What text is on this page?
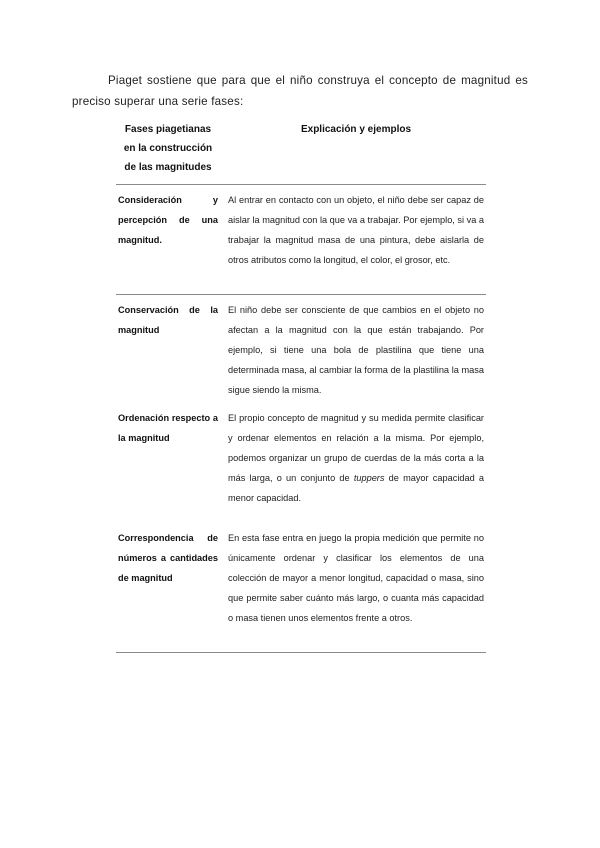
Piaget sostiene que para que el niño construya el concepto de magnitud es preciso superar una serie fases:

Fases piagetianas en la construcción de las magnitudes
Explicación y ejemplos
Consideración y percepción de una magnitud.
Al entrar en contacto con un objeto, el niño debe ser capaz de aislar la magnitud con la que va a trabajar. Por ejemplo, si va a trabajar la magnitud masa de una pintura, debe aislarla de otros atributos como la longitud, el color, el grosor, etc.
Conservación de la magnitud
El niño debe ser consciente de que cambios en el objeto no afectan a la magnitud con la que están trabajando. Por ejemplo, si tiene una bola de plastilina que tiene una determinada masa, al cambiar la forma de la plastilina la masa sigue siendo la misma.
Ordenación respecto a la magnitud
El propio concepto de magnitud y su medida permite clasificar y ordenar elementos en relación a la misma. Por ejemplo, podemos organizar un grupo de cuerdas de la más corta a la más larga, o un conjunto de tuppers de mayor capacidad a menor capacidad.
Correspondencia de números a cantidades de magnitud
En esta fase entra en juego la propia medición que permite no únicamente ordenar y clasificar los elementos de una colección de mayor a menor longitud, capacidad o masa, sino que permite saber cuánto más largo, o cuanta más capacidad o masa tienen unos elementos frente a otros.
